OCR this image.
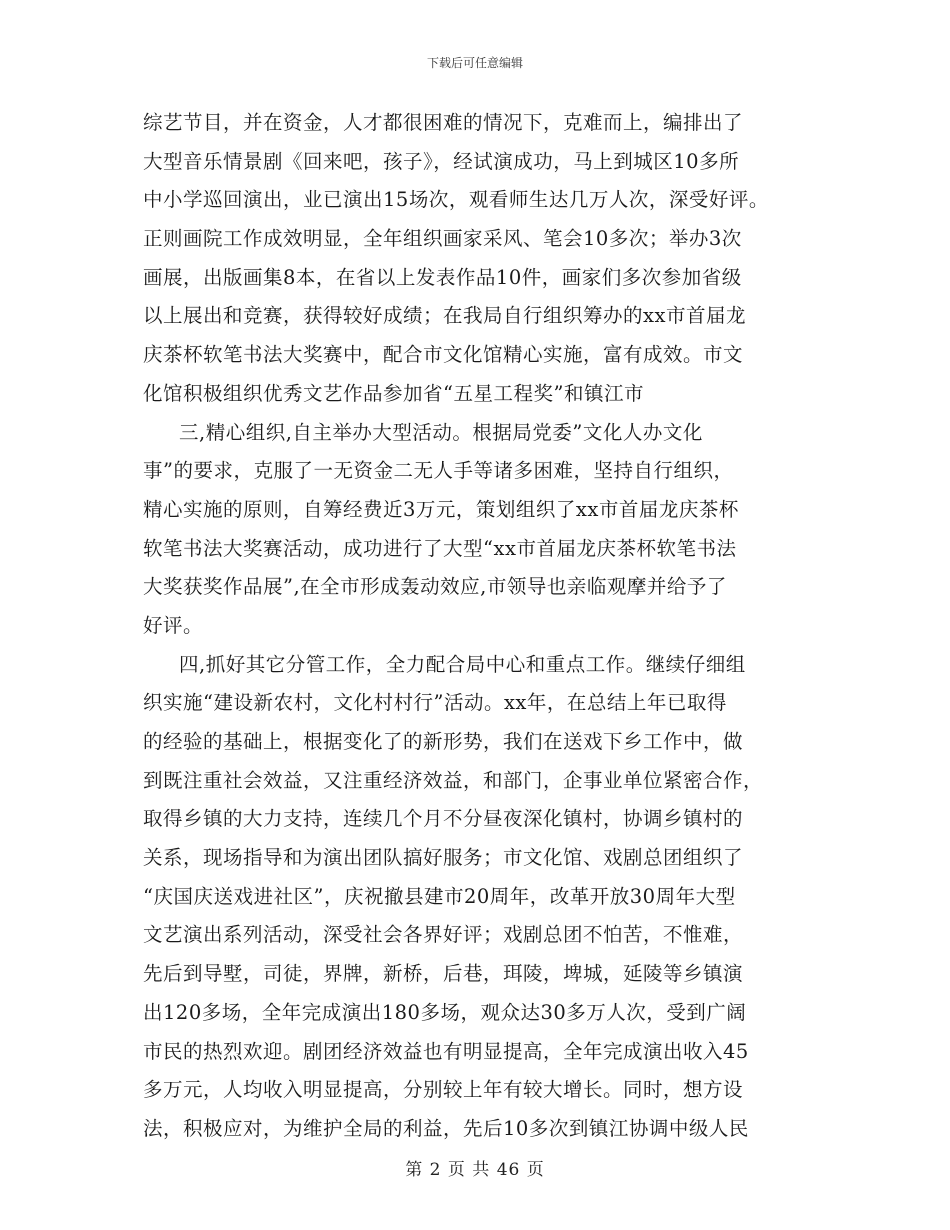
下载后可任意编辑
综艺节目，并在资金，人才都很困难的情况下，克难而上，编排出了
大型音乐情景剧《回来吧，孩子》，经试演成功，马上到城区10多所
中小学巡回演出，业已演出15场次，观看师生达几万人次，深受好评。
正则画院工作成效明显，全年组织画家采风、笔会10多次；举办3次
画展，出版画集8本，在省以上发表作品10件，画家们多次参加省级
以上展出和竞赛，获得较好成绩；在我局自行组织筹办的xx市首届龙
庆茶杯软笔书法大奖赛中，配合市文化馆精心实施，富有成效。市文
化馆积极组织优秀文艺作品参加省“五星工程奖”和镇江市
三,精心组织,自主举办大型活动。根据局党委”文化人办文化
事”的要求，克服了一无资金二无人手等诸多困难，坚持自行组织，
精心实施的原则，自筹经费近3万元，策划组织了xx市首届龙庆茶杯
软笔书法大奖赛活动，成功进行了大型“xx市首届龙庆茶杯软笔书法
大奖获奖作品展”,在全市形成轰动效应,市领导也亲临观摩并给予了
好评。
四,抓好其它分管工作，全力配合局中心和重点工作。继续仔细组
织实施“建设新农村，文化村村行”活动。xx年，在总结上年已取得
的经验的基础上，根据变化了的新形势，我们在送戏下乡工作中，做
到既注重社会效益，又注重经济效益，和部门，企事业单位紧密合作，
取得乡镇的大力支持，连续几个月不分昼夜深化镇村，协调乡镇村的
关系，现场指导和为演出团队搞好服务；市文化馆、戏剧总团组织了
“庆国庆送戏进社区”，庆祝撤县建市20周年，改革开放30周年大型
文艺演出系列活动，深受社会各界好评；戏剧总团不怕苦，不惟难，
先后到导墅，司徒，界牌，新桥，后巷，珥陵，埤城，延陵等乡镇演
出120多场，全年完成演出180多场，观众达30多万人次，受到广阔
市民的热烈欢迎。剧团经济效益也有明显提高，全年完成演出收入45
多万元，人均收入明显提高，分别较上年有较大增长。同时，想方设
法，积极应对，为维护全局的利益，先后10多次到镇江协调中级人民
第 2 页 共 46 页
